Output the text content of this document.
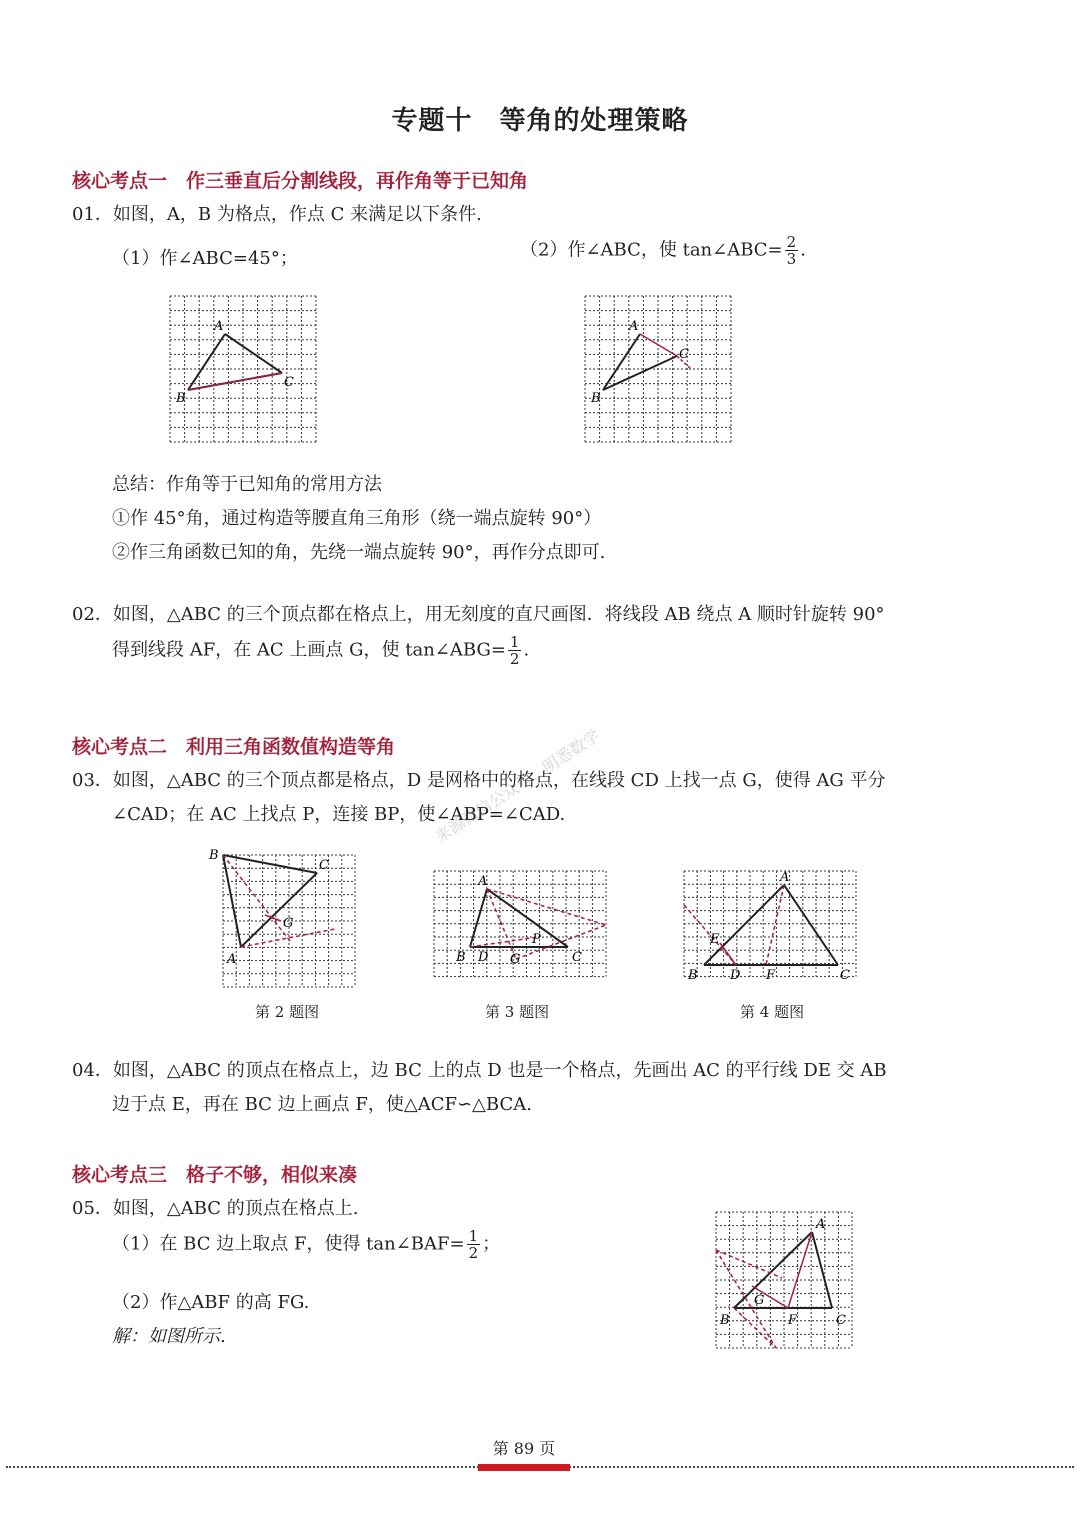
专题十　等角的处理策略
核心考点一　作三垂直后分割线段，再作角等于已知角
01．如图，A，B 为格点，作点 C 来满足以下条件.
（1）作∠ABC=45°；	（2）作∠ABC，使 tan∠ABC= $\frac{2}{3}$ .
A
B
C
A
B
C
总结：作角等于已知角的常用方法
①作 45°角，通过构造等腰直角三角形（绕一端点旋转 90°）
②作三角函数已知的角，先绕一端点旋转 90°，再作分点即可.
02．如图，△ABC 的三个顶点都在格点上，用无刻度的直尺画图．将线段 AB 绕点 A 顺时针旋转 90°
得到线段 AF，在 AC 上画点 G，使 tan∠ABG= $\frac{1}{2}$ .
来源微信公众号：明悉数学
核心考点二　利用三角函数值构造等角
03．如图，△ABC 的三个顶点都是格点，D 是网格中的格点，在线段 CD 上找一点 G，使得 AG 平分
∠CAD；在 AC 上找点 P，连接 BP，使∠ABP=∠CAD.
B
C
G
A
A
B D G
P
C
A
E
B D F	C
第 2 题图	第 3 题图	第 4 题图
04．如图，△ABC 的顶点在格点上，边 BC 上的点 D 也是一个格点，先画出 AC 的平行线 DE 交 AB
边于点 E，再在 BC 边上画点 F，使△ACF∽△BCA.
核心考点三　格子不够，相似来凑
05．如图，△ABC 的顶点在格点上.
（1）在 BC 边上取点 F，使得 tan∠BAF= $\frac{1}{2}$ ；
（2）作△ABF 的高 FG.
解：如图所示.
A
G
B	F	C
第 89 页
